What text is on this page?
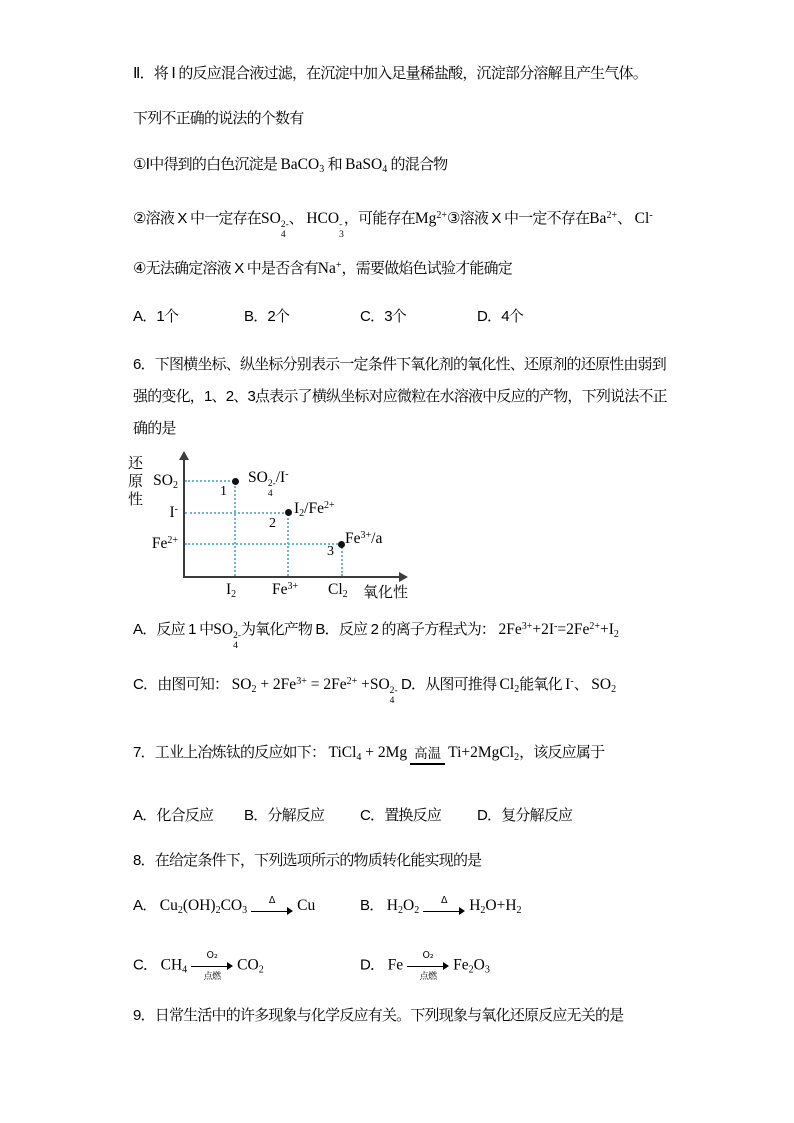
Ⅱ．将 Ⅰ 的反应混合液过滤，在沉淀中加入足量稀盐酸，沉淀部分溶解且产生气体。
下列不正确的说法的个数有
①Ⅰ中得到的白色沉淀是 BaCO$_3$ 和 BaSO$_4$ 的混合物
②溶液 X 中一定存在SO 2-
4
、 HCO -
3
，可能存在$Mg^{2+}③$溶液 X 中一定不存在$Ba^{2+}$、 Cl-
④无法确定溶液 X 中是否含有Na+，需要做焰色试验才能确定
A．1个	B．2个	C．3个	D．4个
6．下图横坐标、纵坐标分别表示一定条件下氧化剂的氧化性、还原剂的还原性由弱到
强的变化，1、2、3点表示了横纵坐标对应微粒在水溶液中反应的产物，下列说法不正
确的是
还原性
氧化性
$SO_2$
I-
$Fe^{2+}$
$I_2$ $Fe^{3+}$ $Cl_2$
1
2
3
SO 2-
4
/I-
$I_2/Fe^{2+}$
$Fe^{3+}/a$
A．反应 1 中SO 2-
4
为氧化产物 B．反应 2 的离子方程式为： $2Fe^{3+}+2I^-=2Fe^{2+}+I_2$
C．由图可知： $SO_2 + 2Fe^{3+} = 2Fe^{2+} +SO$ 2-
4
D．从图可推得 $Cl_2$能氧化 I-、 $SO_2$
7．工业上冶炼钛的反应如下： TiCl$_4$ + 2Mg 高温 Ti+2MgCl$_2$，该反应属于
A．化合反应 B．分解反应 C．置换反应 D．复分解反应
8．在给定条件下，下列选项所示的物质转化能实现的是
A． $Cu_2(OH)_2CO_3$
Δ Cu	B． $H_2O_2$
Δ $H_2O+H_2$
C． $CH_4$
O₂
点燃
$CO_2$	D． Fe
O₂
点燃
$Fe_2O_3$
9．日常生活中的许多现象与化学反应有关。下列现象与氧化还原反应无关的是
